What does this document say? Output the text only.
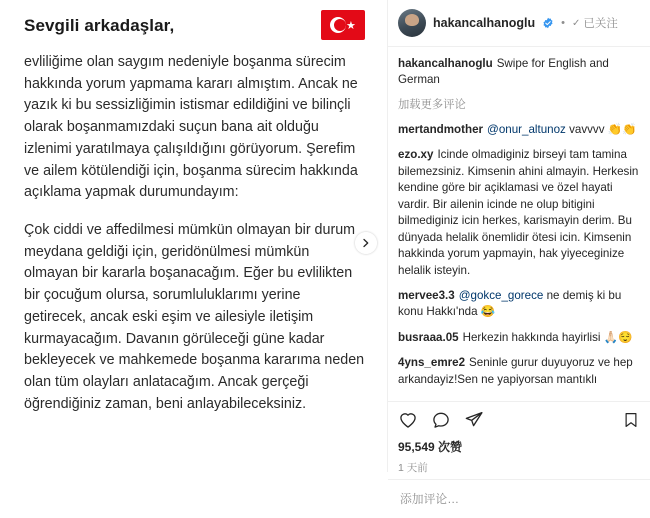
★
Sevgili arkadaşlar,

evliliğime olan saygım nedeniyle boşanma sürecim hakkında yorum yapmama kararı almıştım. Ancak ne yazık ki bu sessizliğimin istismar edildiğini ve bilinçli olarak boşanmamızdaki suçun bana ait olduğu izlenimi yaratılmaya çalışıldığını görüyorum. Şerefim ve ailem kötülendiği için, boşanma sürecim hakkında açıklama yapmak durumundayım:

Çok ciddi ve affedilmesi mümkün olmayan bir durum meydana geldiği için, geridönülmesi mümkün olmayan bir kararla boşanacağım. Eğer bu evlilikten bir çocuğum olursa, sorumluluklarımı yerine getirecek, ancak eski eşim ve ailesiyle iletişim kurmayacağım. Davanın görüleceği güne kadar bekleyecek ve mahkemede boşanma kararıma neden olan tüm olayları anlatacağım. Ancak gerçeği öğrendiğiniz zaman, beni anlayabileceksiniz.

hakancalhanoglu • ✓ 已关注
hakancalhanoglu Swipe for English and German
加载更多评论
mertandmother @onur_altunoz vavvvv 👏👏
ezo.xy Icinde olmadiginiz birseyi tam tamina bilemezsiniz. Kimsenin ahini almayin. Herkesin kendine göre bir açiklamasi ve özel hayati vardir. Bir ailenin icinde ne olup bitigini bilmediginiz icin herkes, karismayin derim. Bu dünyada helalik önemlidir ötesi icin. Kimsenin hakkinda yorum yapmayin, hak yiyeceginize helalik isteyin.
mervee3.3 @gokce_gorece ne demiş ki bu konu Hakkı'nda 😂
busraaa.05 Herkezin hakkında hayirlisi 🙏🏻😌
4yns_emre2 Seninle gurur duyuyoruz ve hep arkandayiz!Sen ne yapiyorsan mantıklı
95,549 次赞
1 天前
添加评论…
